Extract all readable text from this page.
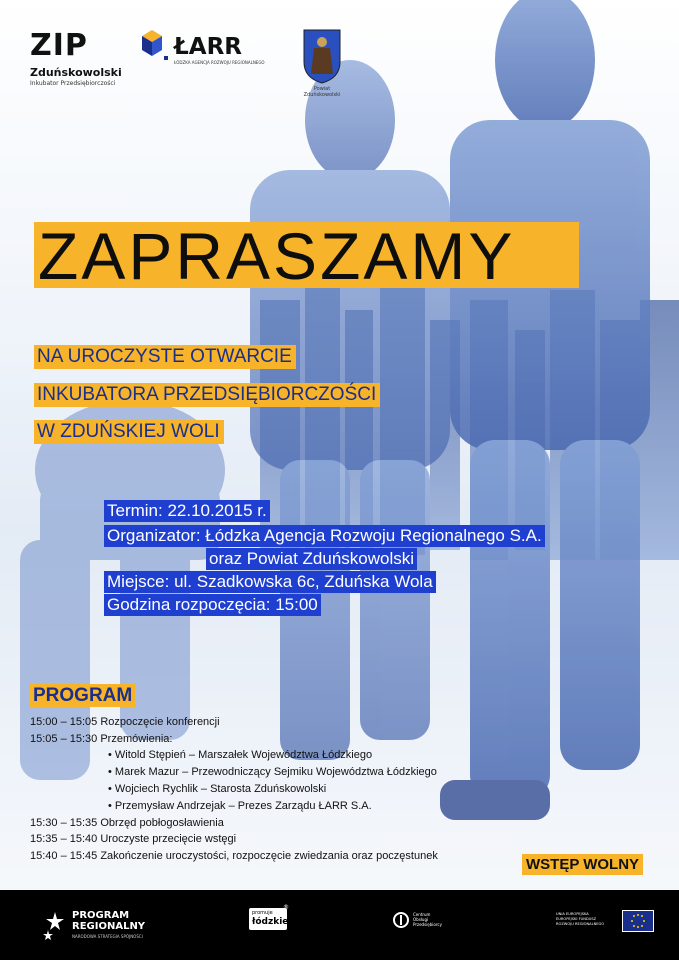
ZIP
Zduńskowolski
Inkubator Przedsiębiorczości
ŁARR
ŁÓDZKA AGENCJA ROZWOJU REGIONALNEGO
Powiat Zduńskowolski
ZAPRASZAMY
NA UROCZYSTE OTWARCIE
INKUBATORA PRZEDSIĘBIORCZOŚCI
W ZDUŃSKIEJ WOLI
Termin: 22.10.2015 r.
Organizator: Łódzka Agencja Rozwoju Regionalnego S.A.
oraz Powiat Zduńskowolski
Miejsce: ul. Szadkowska 6c, Zduńska Wola
Godzina rozpoczęcia: 15:00
PROGRAM
15:00 – 15:05 Rozpoczęcie konferencji
15:05 – 15:30 Przemówienia:
• Witold Stępień – Marszałek Województwa Łódzkiego
• Marek Mazur – Przewodniczący Sejmiku Województwa Łódzkiego
• Wojciech Rychlik – Starosta Zduńskowolski
• Przemysław Andrzejak – Prezes Zarządu ŁARR S.A.
15:30 – 15:35 Obrzęd pobłogosławienia
15:35 – 15:40 Uroczyste przecięcie wstęgi
15:40 – 15:45 Zakończenie uroczystości, rozpoczęcie zwiedzania oraz poczęstunek	WSTĘP WOLNY
PROGRAM
REGIONALNY
NARODOWA STRATEGIA SPÓJNOŚCI
promuje
łódzkie
®
Centrum
Obsługi
Przedsiębiorcy
UNIA EUROPEJSKA
EUROPEJSKI FUNDUSZ
ROZWOJU REGIONALNEGO
